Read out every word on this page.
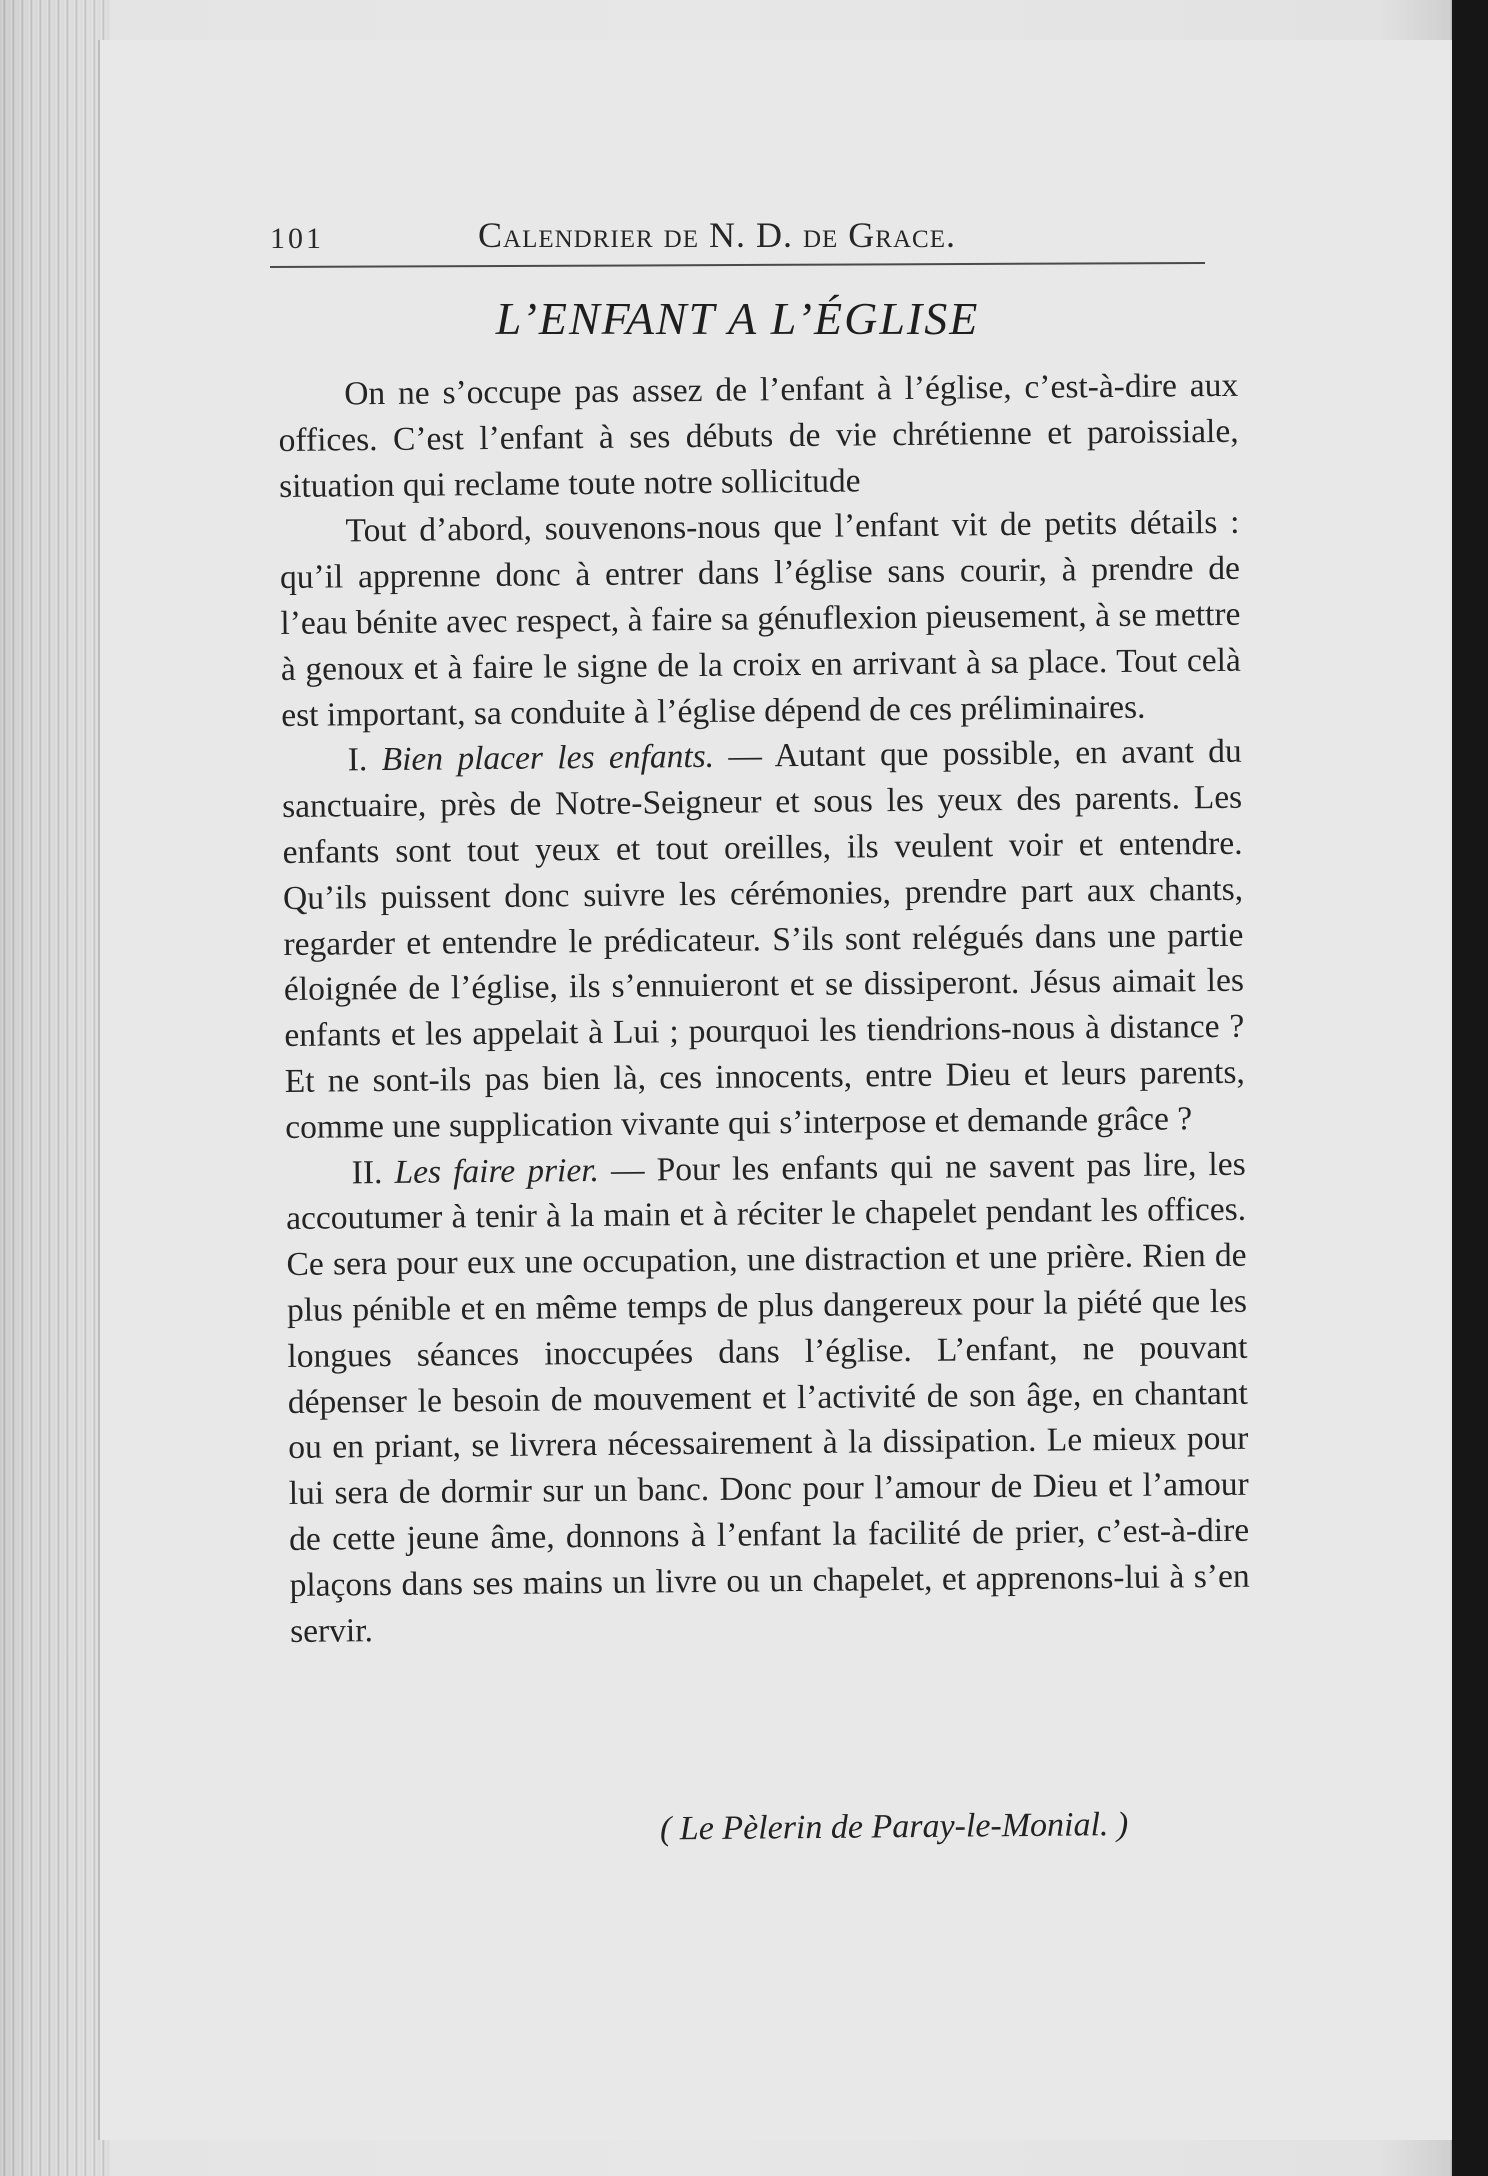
101	Calendrier de N. D. de Grace.
L’ENFANT A L’ÉGLISE

On ne s’occupe pas assez de l’enfant à l’église, c’est-à-dire aux offices. C’est l’enfant à ses débuts de vie chrétienne et paroissiale, situation qui reclame toute notre sollicitude

Tout d’abord, souvenons-nous que l’enfant vit de petits détails : qu’il apprenne donc à entrer dans l’église sans courir, à prendre de l’eau bénite avec respect, à faire sa génuflexion pieusement, à se mettre à genoux et à faire le signe de la croix en arrivant à sa place. Tout celà est important, sa conduite à l’église dépend de ces préliminaires.

I. Bien placer les enfants. — Autant que possible, en avant du sanctuaire, près de Notre-Seigneur et sous les yeux des parents. Les enfants sont tout yeux et tout oreilles, ils veulent voir et entendre. Qu’ils puissent donc suivre les cérémonies, prendre part aux chants, regarder et entendre le prédicateur. S’ils sont relégués dans une partie éloignée de l’église, ils s’ennuieront et se dissiperont. Jésus aimait les enfants et les appelait à Lui ; pourquoi les tiendrions-nous à distance ? Et ne sont-ils pas bien là, ces innocents, entre Dieu et leurs parents, comme une supplication vivante qui s’interpose et demande grâce ?

II. Les faire prier. — Pour les enfants qui ne savent pas lire, les accoutumer à tenir à la main et à réciter le chapelet pendant les offices. Ce sera pour eux une occupation, une distraction et une prière. Rien de plus pénible et en même temps de plus dangereux pour la piété que les longues séances inoccupées dans l’église. L’enfant, ne pouvant dépenser le besoin de mouvement et l’activité de son âge, en chantant ou en priant, se livrera nécessairement à la dissipation. Le mieux pour lui sera de dormir sur un banc. Donc pour l’amour de Dieu et l’amour de cette jeune âme, donnons à l’enfant la facilité de prier, c’est-à-dire plaçons dans ses mains un livre ou un chapelet, et apprenons-lui à s’en servir.

( Le Pèlerin de Paray-le-Monial. )
